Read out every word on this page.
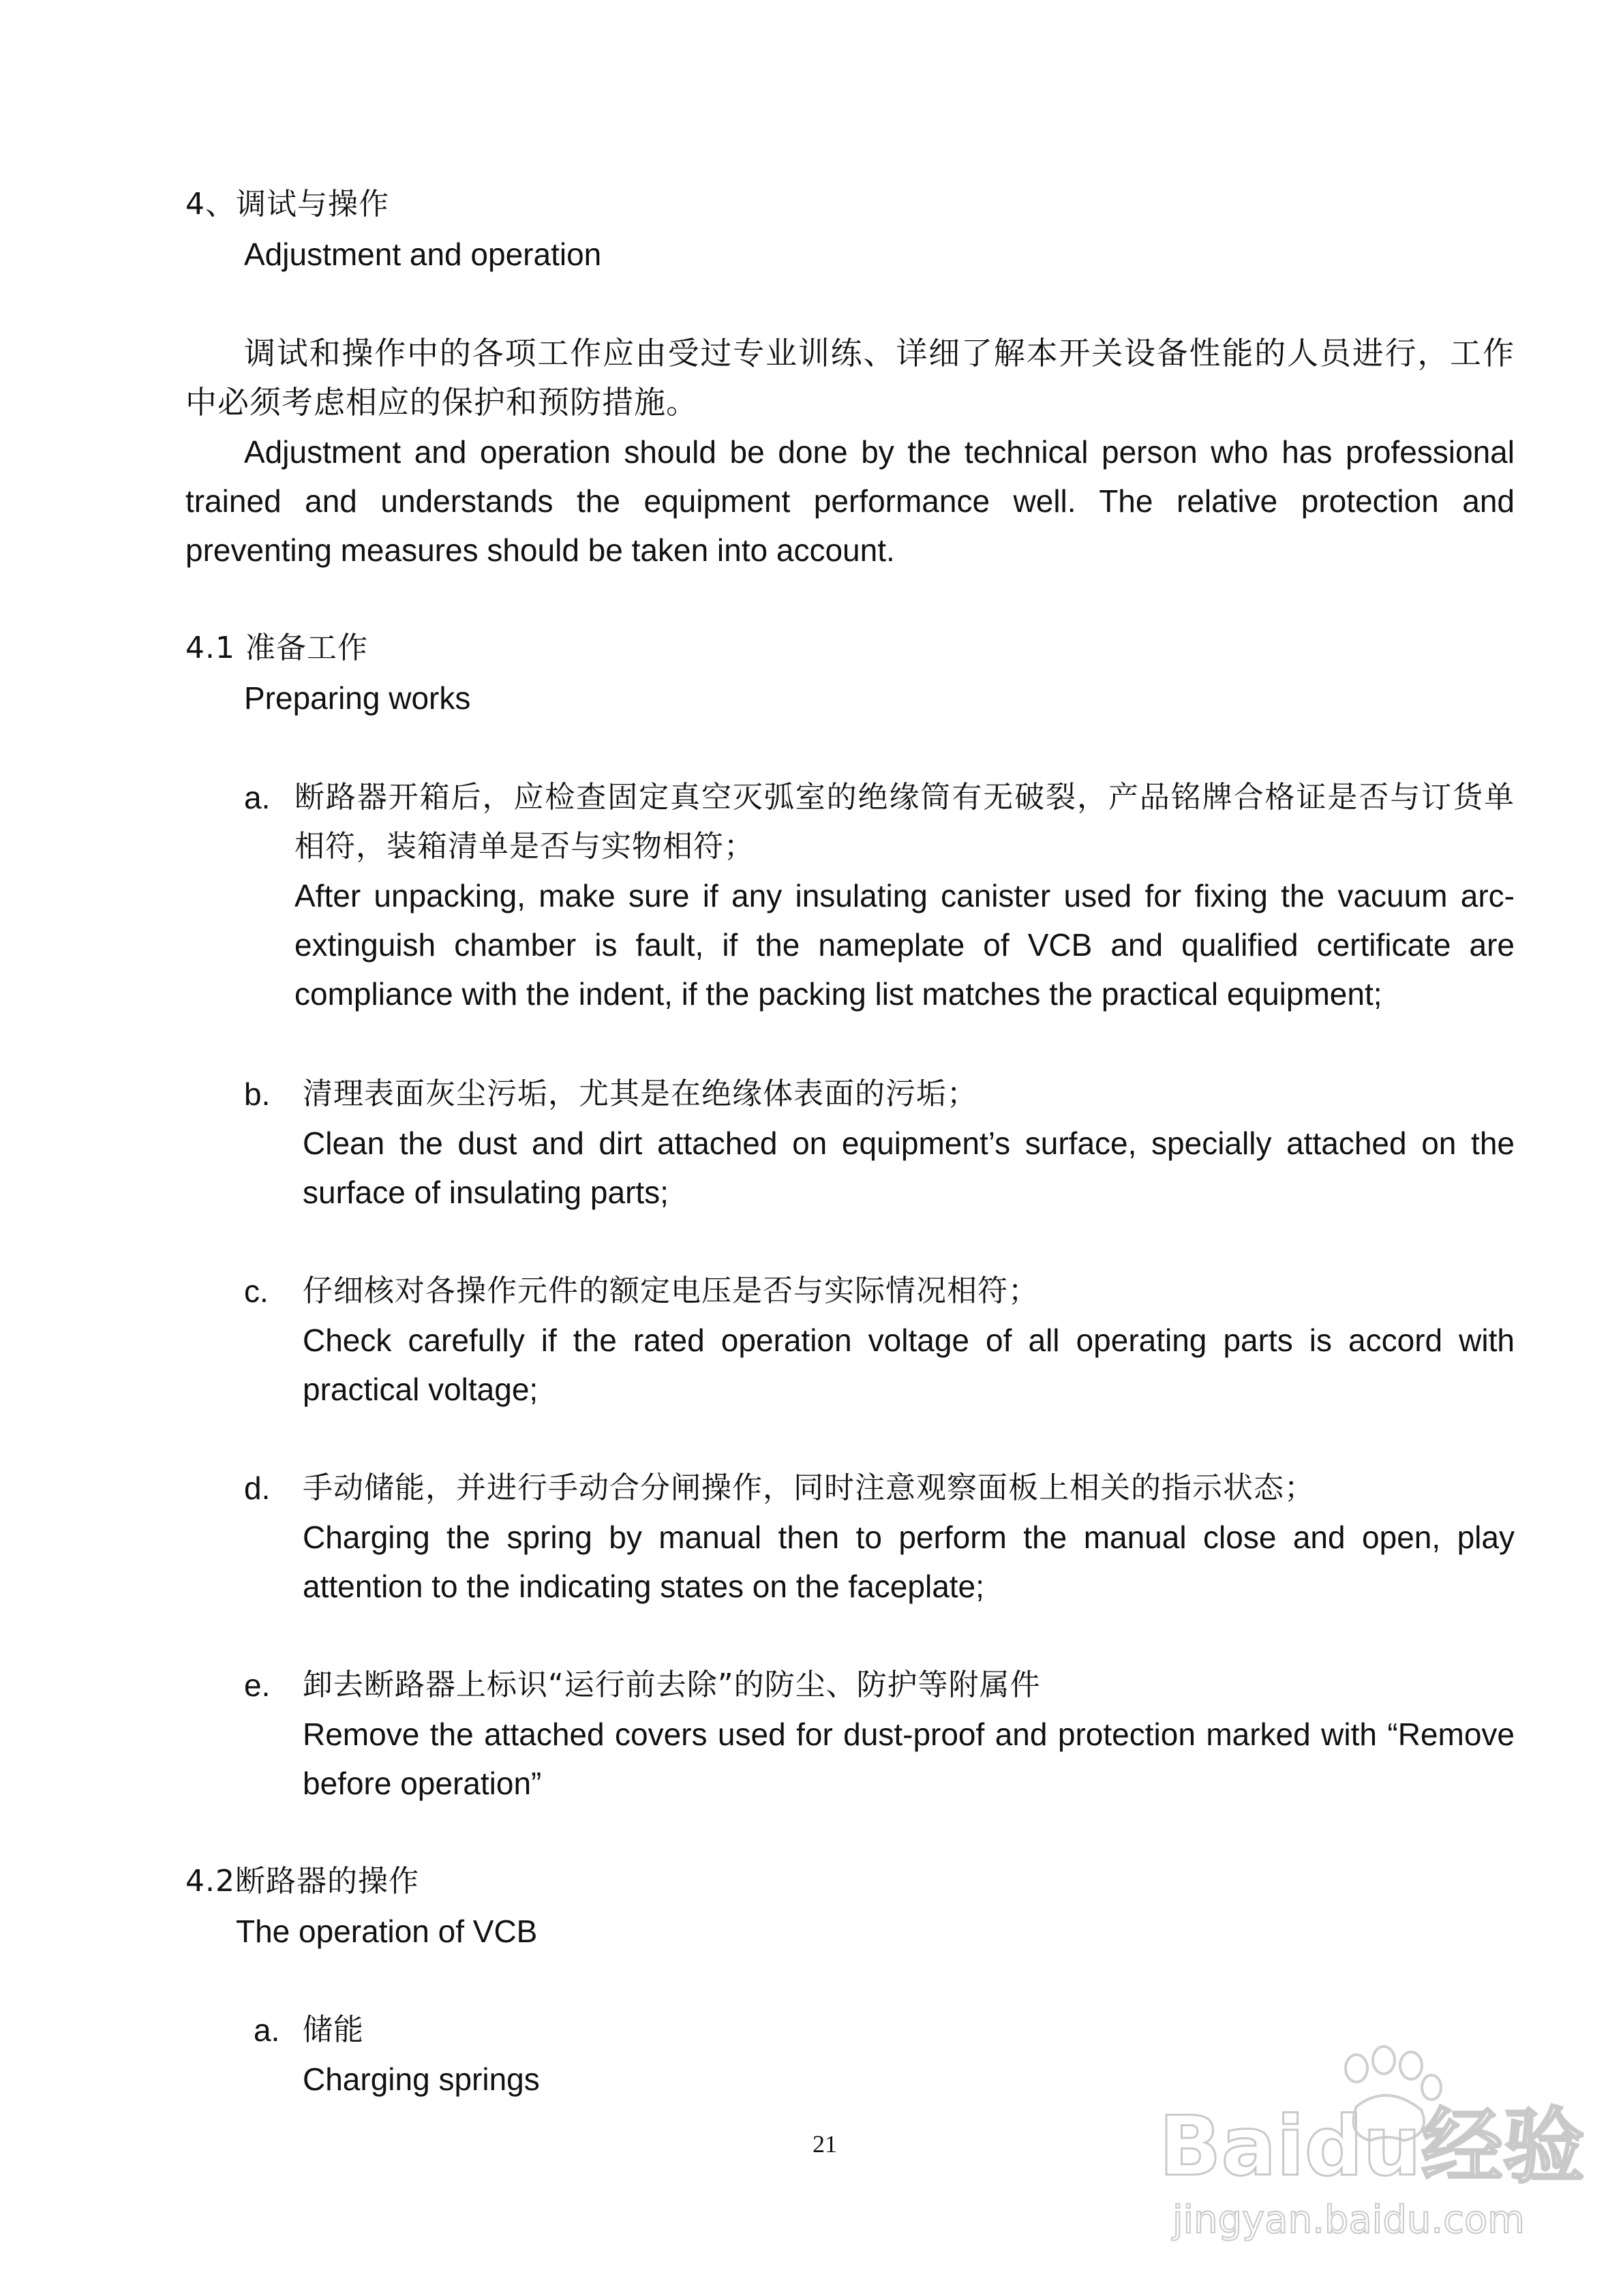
4、调试与操作
Adjustment and operation

调试和操作中的各项工作应由受过专业训练、详细了解本开关设备性能的人员进行，工作中必须考虑相应的保护和预防措施。

Adjustment and operation should be done by the technical person who has professional trained and understands the equipment performance well. The relative protection and preventing measures should be taken into account.

4.1 准备工作
Preparing works
a. 断路器开箱后，应检查固定真空灭弧室的绝缘筒有无破裂，产品铭牌合格证是否与订货单相符，装箱清单是否与实物相符；

After unpacking, make sure if any insulating canister used for fixing the vacuum arc-extinguish chamber is fault, if the nameplate of VCB and qualified certificate are compliance with the indent, if the packing list matches the practical equipment;

b. 清理表面灰尘污垢，尤其是在绝缘体表面的污垢；

Clean the dust and dirt attached on equipment’s surface, specially attached on the surface of insulating parts;

c. 仔细核对各操作元件的额定电压是否与实际情况相符；

Check carefully if the rated operation voltage of all operating parts is accord with practical voltage;

d. 手动储能，并进行手动合分闸操作，同时注意观察面板上相关的指示状态；

Charging the spring by manual then to perform the manual close and open, play attention to the indicating states on the faceplate;

e. 卸去断路器上标识“运行前去除”的防尘、防护等附属件

Remove the attached covers used for dust-proof and protection marked with “Remove before operation”

4.2断路器的操作
The operation of VCB
a. 储能

Charging springs

21	Baidu经验
jingyan.baidu.com
